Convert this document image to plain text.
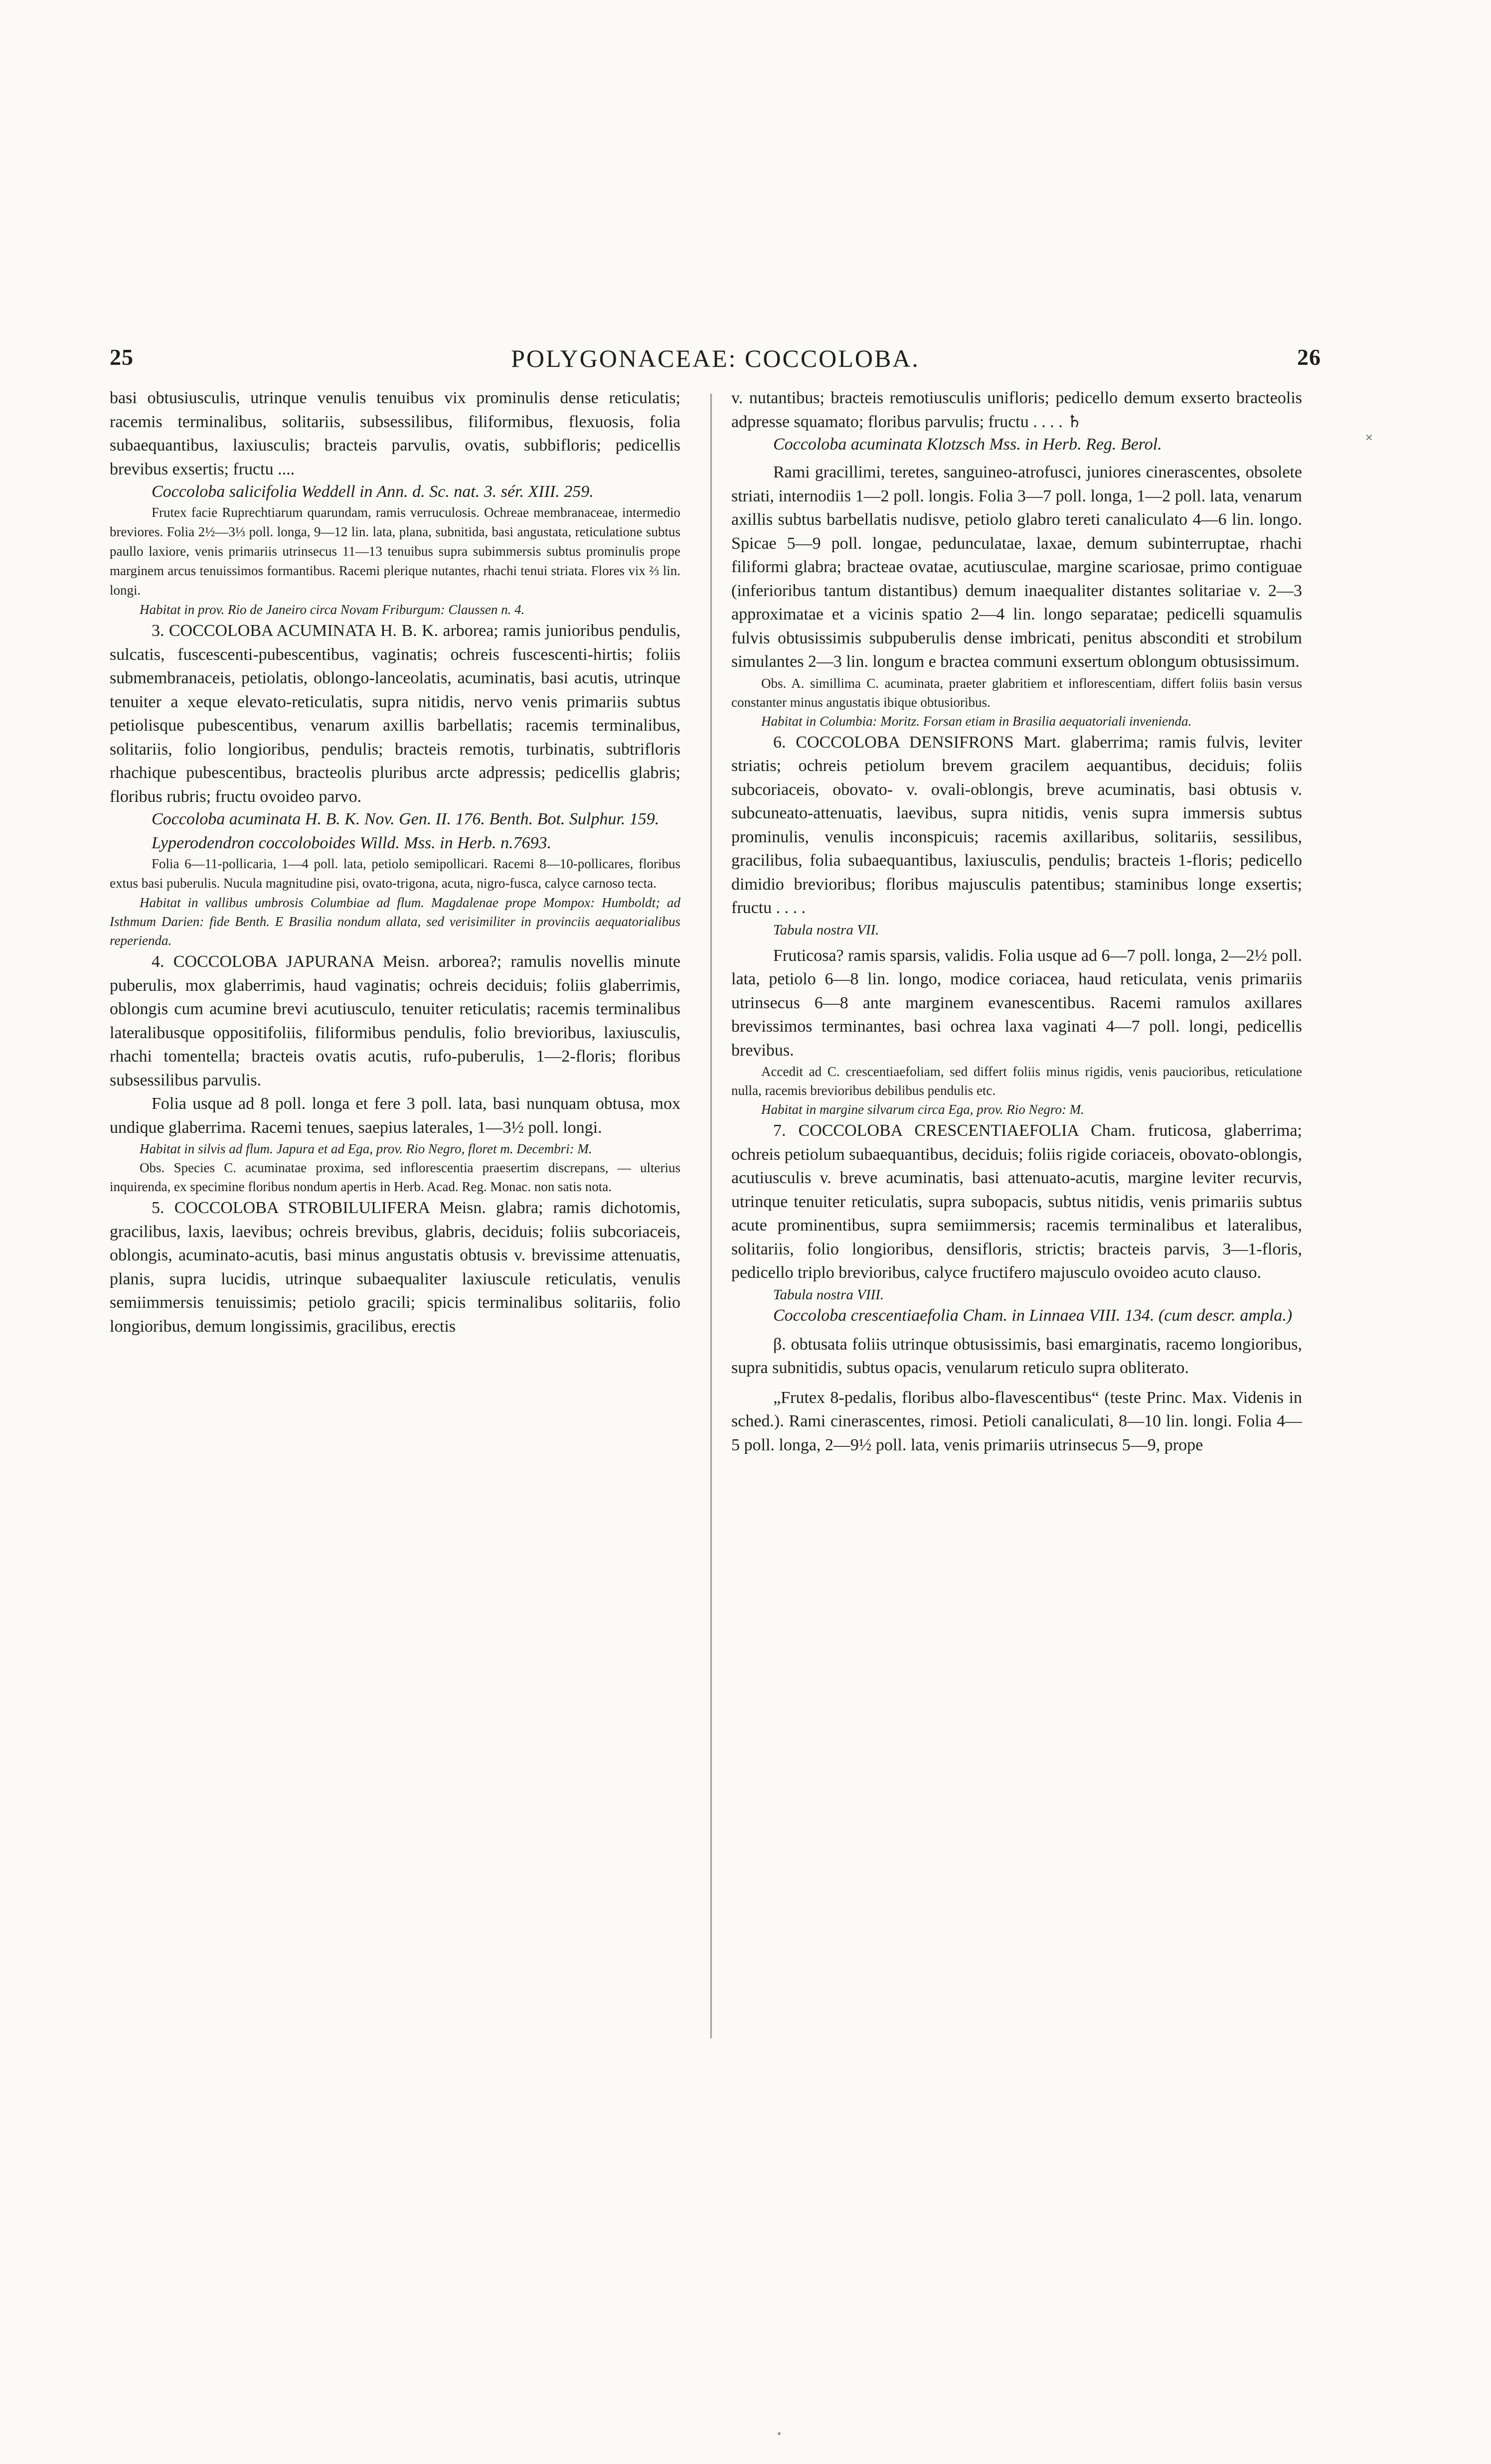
25	POLYGONACEAE: COCCOLOBA.	26

basi obtusiusculis, utrinque venulis tenuibus vix prominulis dense reticulatis; racemis terminalibus, solitariis, subsessilibus, filiformibus, flexuosis, folia subaequantibus, laxiusculis; bracteis parvulis, ovatis, subbifloris; pedicellis brevibus exsertis; fructu ....

Coccoloba salicifolia Weddell in Ann. d. Sc. nat. 3. sér. XIII. 259.

Frutex facie Ruprechtiarum quarundam, ramis verruculosis. Ochreae membranaceae, intermedio breviores. Folia 2½—3⅓ poll. longa, 9—12 lin. lata, plana, subnitida, basi angustata, reticulatione subtus paullo laxiore, venis primariis utrinsecus 11—13 tenuibus supra subimmersis subtus prominulis prope marginem arcus tenuissimos formantibus. Racemi plerique nutantes, rhachi tenui striata. Flores vix ⅔ lin. longi.

Habitat in prov. Rio de Janeiro circa Novam Friburgum: Claussen n. 4.

3. COCCOLOBA ACUMINATA H. B. K. arborea; ramis junioribus pendulis, sulcatis, fuscescenti-pubescentibus, vaginatis; ochreis fuscescenti-hirtis; foliis submembranaceis, petiolatis, oblongo-lanceolatis, acuminatis, basi acutis, utrinque tenuiter a xeque elevato-reticulatis, supra nitidis, nervo venis primariis subtus petiolisque pubescentibus, venarum axillis barbellatis; racemis terminalibus, solitariis, folio longioribus, pendulis; bracteis remotis, turbinatis, subtrifloris rhachique pubescentibus, bracteolis pluribus arcte adpressis; pedicellis glabris; floribus rubris; fructu ovoideo parvo.

Coccoloba acuminata H. B. K. Nov. Gen. II. 176. Benth. Bot. Sulphur. 159.

Lyperodendron coccoloboides Willd. Mss. in Herb. n.7693.

Folia 6—11-pollicaria, 1—4 poll. lata, petiolo semipollicari. Racemi 8—10-pollicares, floribus extus basi puberulis. Nucula magnitudine pisi, ovato-trigona, acuta, nigro-fusca, calyce carnoso tecta.

Habitat in vallibus umbrosis Columbiae ad flum. Magdalenae prope Mompox: Humboldt; ad Isthmum Darien: fide Benth. E Brasilia nondum allata, sed verisimiliter in provinciis aequatorialibus reperienda.

4. COCCOLOBA JAPURANA Meisn. arborea?; ramulis novellis minute puberulis, mox glaberrimis, haud vaginatis; ochreis deciduis; foliis glaberrimis, oblongis cum acumine brevi acutiusculo, tenuiter reticulatis; racemis terminalibus lateralibusque oppositifoliis, filiformibus pendulis, folio brevioribus, laxiusculis, rhachi tomentella; bracteis ovatis acutis, rufo-puberulis, 1—2-floris; floribus subsessilibus parvulis.

Folia usque ad 8 poll. longa et fere 3 poll. lata, basi nunquam obtusa, mox undique glaberrima. Racemi tenues, saepius laterales, 1—3½ poll. longi.

Habitat in silvis ad flum. Japura et ad Ega, prov. Rio Negro, floret m. Decembri: M.

Obs. Species C. acuminatae proxima, sed inflorescentia praesertim discrepans, — ulterius inquirenda, ex specimine floribus nondum apertis in Herb. Acad. Reg. Monac. non satis nota.

5. COCCOLOBA STROBILULIFERA Meisn. glabra; ramis dichotomis, gracilibus, laxis, laevibus; ochreis brevibus, glabris, deciduis; foliis subcoriaceis, oblongis, acuminato-acutis, basi minus angustatis obtusis v. brevissime attenuatis, planis, supra lucidis, utrinque subaequaliter laxiuscule reticulatis, venulis semiimmersis tenuissimis; petiolo gracili; spicis terminalibus solitariis, folio longioribus, demum longissimis, gracilibus, erectis

v. nutantibus; bracteis remotiusculis unifloris; pedicello demum exserto bracteolis adpresse squamato; floribus parvulis; fructu . . . . ♄

Coccoloba acuminata Klotzsch Mss. in Herb. Reg. Berol.

Rami gracillimi, teretes, sanguineo-atrofusci, juniores cinerascentes, obsolete striati, internodiis 1—2 poll. longis. Folia 3—7 poll. longa, 1—2 poll. lata, venarum axillis subtus barbellatis nudisve, petiolo glabro tereti canaliculato 4—6 lin. longo. Spicae 5—9 poll. longae, pedunculatae, laxae, demum subinterruptae, rhachi filiformi glabra; bracteae ovatae, acutiusculae, margine scariosae, primo contiguae (inferioribus tantum distantibus) demum inaequaliter distantes solitariae v. 2—3 approximatae et a vicinis spatio 2—4 lin. longo separatae; pedicelli squamulis fulvis obtusissimis subpuberulis dense imbricati, penitus absconditi et strobilum simulantes 2—3 lin. longum e bractea communi exsertum oblongum obtusissimum.

Obs. A. simillima C. acuminata, praeter glabritiem et inflorescentiam, differt foliis basin versus constanter minus angustatis ibique obtusioribus.

Habitat in Columbia: Moritz. Forsan etiam in Brasilia aequatoriali invenienda.

6. COCCOLOBA DENSIFRONS Mart. glaberrima; ramis fulvis, leviter striatis; ochreis petiolum brevem gracilem aequantibus, deciduis; foliis subcoriaceis, obovato- v. ovali-oblongis, breve acuminatis, basi obtusis v. subcuneato-attenuatis, laevibus, supra nitidis, venis supra immersis subtus prominulis, venulis inconspicuis; racemis axillaribus, solitariis, sessilibus, gracilibus, folia subaequantibus, laxiusculis, pendulis; bracteis 1-floris; pedicello dimidio brevioribus; floribus majusculis patentibus; staminibus longe exsertis; fructu . . . .

Tabula nostra VII.

Fruticosa? ramis sparsis, validis. Folia usque ad 6—7 poll. longa, 2—2½ poll. lata, petiolo 6—8 lin. longo, modice coriacea, haud reticulata, venis primariis utrinsecus 6—8 ante marginem evanescentibus. Racemi ramulos axillares brevissimos terminantes, basi ochrea laxa vaginati 4—7 poll. longi, pedicellis brevibus.

Accedit ad C. crescentiaefoliam, sed differt foliis minus rigidis, venis paucioribus, reticulatione nulla, racemis brevioribus debilibus pendulis etc.

Habitat in margine silvarum circa Ega, prov. Rio Negro: M.

7. COCCOLOBA CRESCENTIAEFOLIA Cham. fruticosa, glaberrima; ochreis petiolum subaequantibus, deciduis; foliis rigide coriaceis, obovato-oblongis, acutiusculis v. breve acuminatis, basi attenuato-acutis, margine leviter recurvis, utrinque tenuiter reticulatis, supra subopacis, subtus nitidis, venis primariis subtus acute prominentibus, supra semiimmersis; racemis terminalibus et lateralibus, solitariis, folio longioribus, densifloris, strictis; bracteis parvis, 3—1-floris, pedicello triplo brevioribus, calyce fructifero majusculo ovoideo acuto clauso.

Tabula nostra VIII.

Coccoloba crescentiaefolia Cham. in Linnaea VIII. 134. (cum descr. ampla.)

β. obtusata foliis utrinque obtusissimis, basi emarginatis, racemo longioribus, supra subnitidis, subtus opacis, venularum reticulo supra obliterato.

„Frutex 8-pedalis, floribus albo-flavescentibus“ (teste Princ. Max. Videnis in sched.). Rami cinerascentes, rimosi. Petioli canaliculati, 8—10 lin. longi. Folia 4—5 poll. longa, 2—9½ poll. lata, venis primariis utrinsecus 5—9, prope

✕
